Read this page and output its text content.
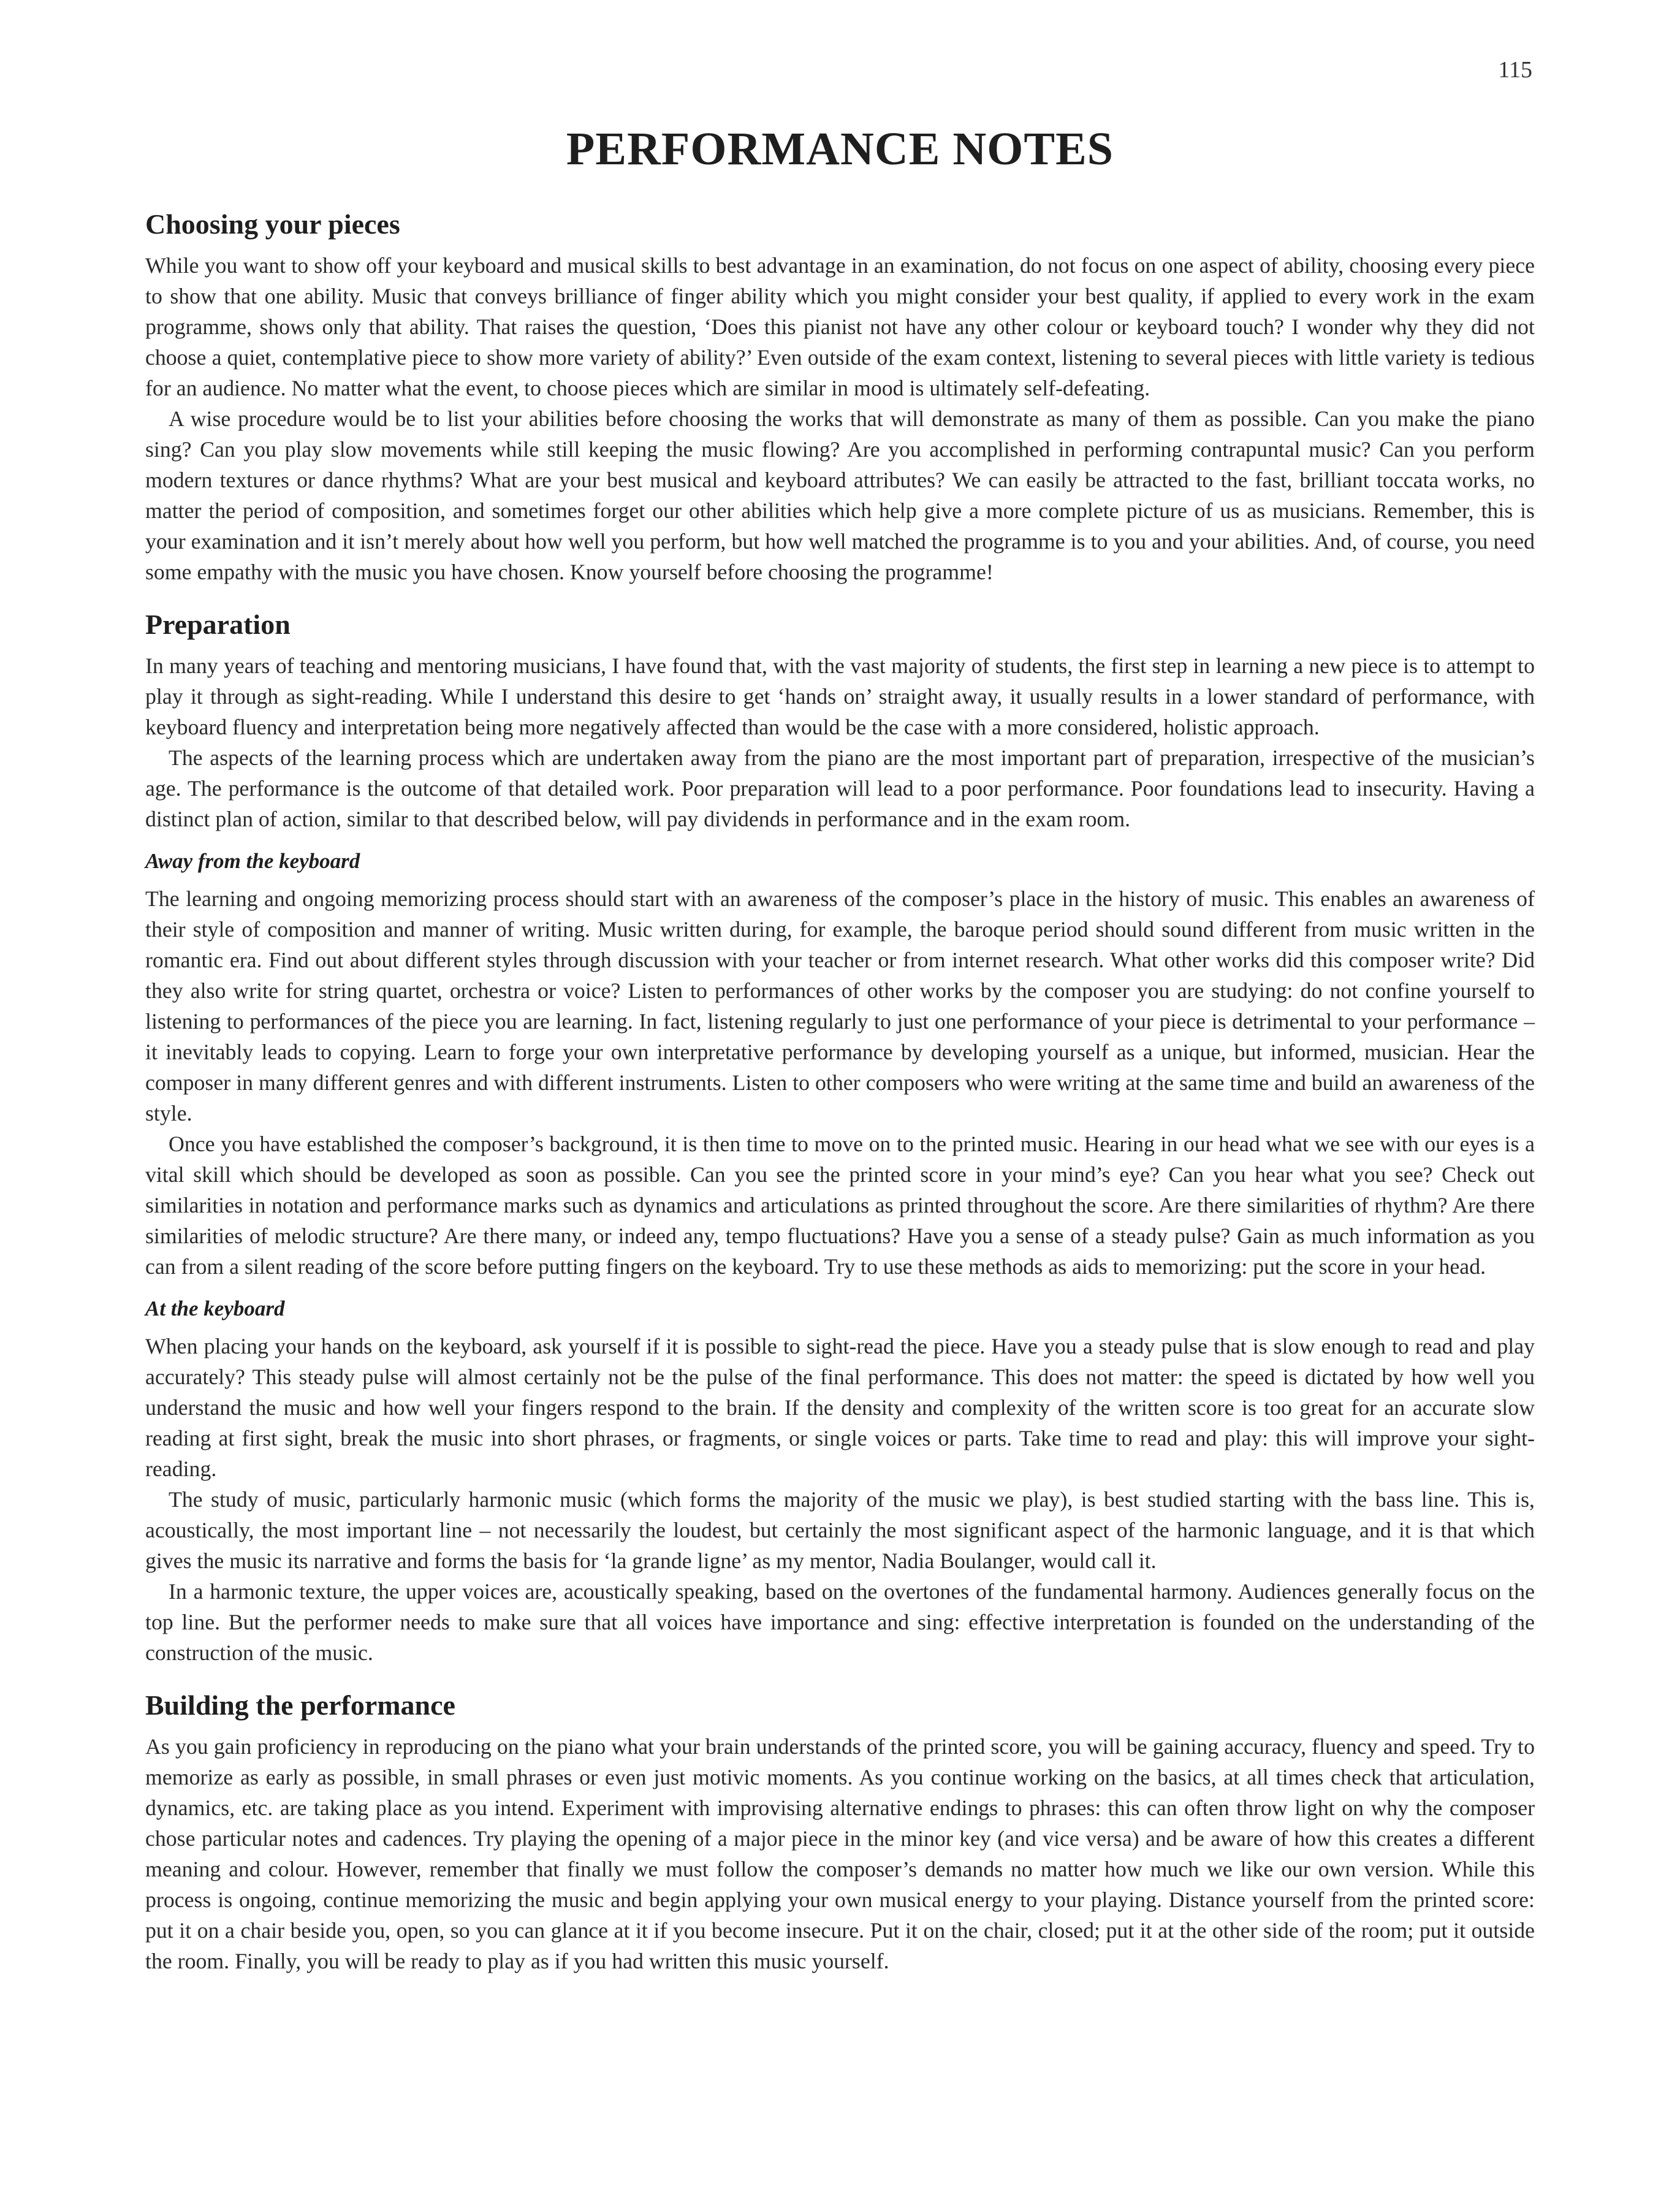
115
PERFORMANCE NOTES
Choosing your pieces

While you want to show off your keyboard and musical skills to best advantage in an examination, do not focus on one aspect of ability, choosing every piece to show that one ability. Music that conveys brilliance of finger ability which you might consider your best quality, if applied to every work in the exam programme, shows only that ability. That raises the question, ‘Does this pianist not have any other colour or keyboard touch? I wonder why they did not choose a quiet, contemplative piece to show more variety of ability?’ Even outside of the exam context, listening to several pieces with little variety is tedious for an audience. No matter what the event, to choose pieces which are similar in mood is ultimately self-defeating.

A wise procedure would be to list your abilities before choosing the works that will demonstrate as many of them as possible. Can you make the piano sing? Can you play slow movements while still keeping the music flowing? Are you accomplished in performing contrapuntal music? Can you perform modern textures or dance rhythms? What are your best musical and keyboard attributes? We can easily be attracted to the fast, brilliant toccata works, no matter the period of composition, and sometimes forget our other abilities which help give a more complete picture of us as musicians. Remember, this is your examination and it isn’t merely about how well you perform, but how well matched the programme is to you and your abilities. And, of course, you need some empathy with the music you have chosen. Know yourself before choosing the programme!

Preparation

In many years of teaching and mentoring musicians, I have found that, with the vast majority of students, the first step in learning a new piece is to attempt to play it through as sight-reading. While I understand this desire to get ‘hands on’ straight away, it usually results in a lower standard of performance, with keyboard fluency and interpretation being more negatively affected than would be the case with a more considered, holistic approach.

The aspects of the learning process which are undertaken away from the piano are the most important part of preparation, irrespective of the musician’s age. The performance is the outcome of that detailed work. Poor preparation will lead to a poor performance. Poor foundations lead to insecurity. Having a distinct plan of action, similar to that described below, will pay dividends in performance and in the exam room.

Away from the keyboard

The learning and ongoing memorizing process should start with an awareness of the composer’s place in the history of music. This enables an awareness of their style of composition and manner of writing. Music written during, for example, the baroque period should sound different from music written in the romantic era. Find out about different styles through discussion with your teacher or from internet research. What other works did this composer write? Did they also write for string quartet, orchestra or voice? Listen to performances of other works by the composer you are studying: do not confine yourself to listening to performances of the piece you are learning. In fact, listening regularly to just one performance of your piece is detrimental to your performance – it inevitably leads to copying. Learn to forge your own interpretative performance by developing yourself as a unique, but informed, musician. Hear the composer in many different genres and with different instruments. Listen to other composers who were writing at the same time and build an awareness of the style.

Once you have established the composer’s background, it is then time to move on to the printed music. Hearing in our head what we see with our eyes is a vital skill which should be developed as soon as possible. Can you see the printed score in your mind’s eye? Can you hear what you see? Check out similarities in notation and performance marks such as dynamics and articulations as printed throughout the score. Are there similarities of rhythm? Are there similarities of melodic structure? Are there many, or indeed any, tempo fluctuations? Have you a sense of a steady pulse? Gain as much information as you can from a silent reading of the score before putting fingers on the keyboard. Try to use these methods as aids to memorizing: put the score in your head.

At the keyboard

When placing your hands on the keyboard, ask yourself if it is possible to sight-read the piece. Have you a steady pulse that is slow enough to read and play accurately? This steady pulse will almost certainly not be the pulse of the final performance. This does not matter: the speed is dictated by how well you understand the music and how well your fingers respond to the brain. If the density and complexity of the written score is too great for an accurate slow reading at first sight, break the music into short phrases, or fragments, or single voices or parts. Take time to read and play: this will improve your sight-reading.

The study of music, particularly harmonic music (which forms the majority of the music we play), is best studied starting with the bass line. This is, acoustically, the most important line – not necessarily the loudest, but certainly the most significant aspect of the harmonic language, and it is that which gives the music its narrative and forms the basis for ‘la grande ligne’ as my mentor, Nadia Boulanger, would call it.

In a harmonic texture, the upper voices are, acoustically speaking, based on the overtones of the fundamental harmony. Audiences generally focus on the top line. But the performer needs to make sure that all voices have importance and sing: effective interpretation is founded on the understanding of the construction of the music.

Building the performance

As you gain proficiency in reproducing on the piano what your brain understands of the printed score, you will be gaining accuracy, fluency and speed. Try to memorize as early as possible, in small phrases or even just motivic moments. As you continue working on the basics, at all times check that articulation, dynamics, etc. are taking place as you intend. Experiment with improvising alternative endings to phrases: this can often throw light on why the composer chose particular notes and cadences. Try playing the opening of a major piece in the minor key (and vice versa) and be aware of how this creates a different meaning and colour. However, remember that finally we must follow the composer’s demands no matter how much we like our own version. While this process is ongoing, continue memorizing the music and begin applying your own musical energy to your playing. Distance yourself from the printed score: put it on a chair beside you, open, so you can glance at it if you become insecure. Put it on the chair, closed; put it at the other side of the room; put it outside the room. Finally, you will be ready to play as if you had written this music yourself.
